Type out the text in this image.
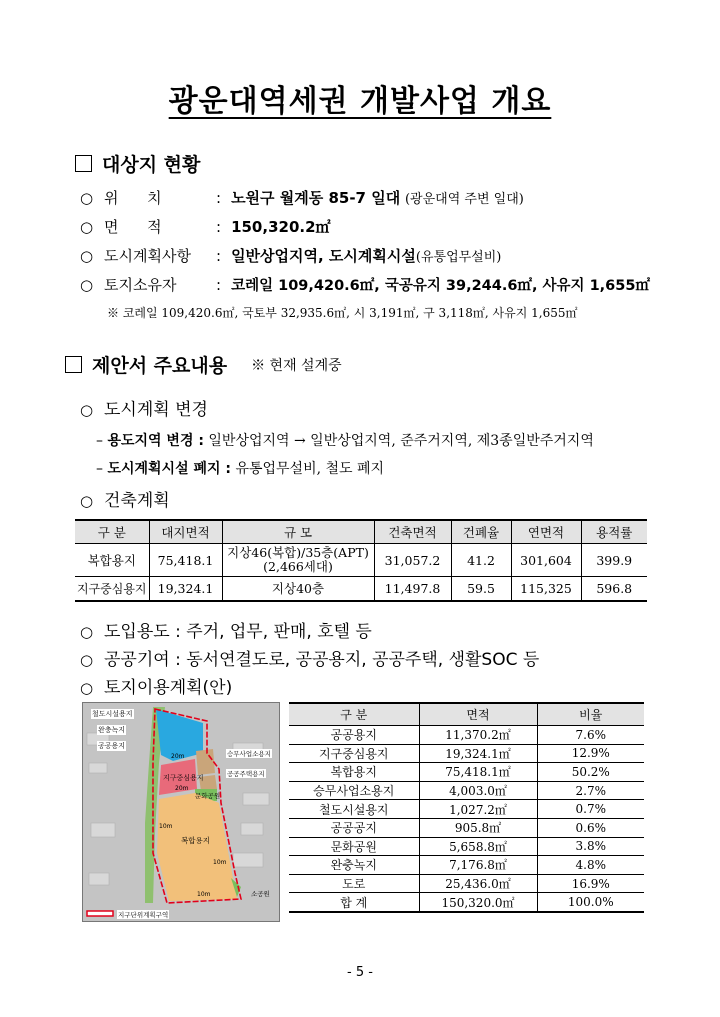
광운대역세권 개발사업 개요
대상지 현황
○ 위      치	: 노원구 월계동 85-7 일대
(광운대역 주변 일대)
○ 면      적	: 150,320.2㎡
○ 도시계획사항	: 일반상업지역, 도시계획시설 (유통업무설비)
○ 토지소유자	: 코레일 109,420.6㎡, 국공유지 39,244.6㎡, 사유지 1,655㎡
※ 코레일 109,420.6㎡, 국토부 32,935.6㎡, 시 3,191㎡, 구 3,118㎡, 사유지 1,655㎡
제안서 주요내용 ※ 현재 설계중
○ 도시계획 변경
– 용도지역 변경 : 일반상업지역 → 일반상업지역, 준주거지역, 제3종일반주거지역
– 도시계획시설 폐지 : 유통업무설비, 철도 폐지
○ 건축계획
구 분	대지면적	규 모	건축면적	건폐율	연면적	용적률
복합용지	75,418.1	지상46(복합)/35층(APT)
(2,466세대)	31,057.2	41.2	301,604	399.9
지구중심용지	19,324.1	지상40층	11,497.8	59.5	115,325	596.8
○ 도입용도 :
주거, 업무, 판매, 호텔 등
○ 공공기여 :
동서연결도로, 공공용지, 공공주택, 생활SOC 등
○ 토지이용계획(안)
철도시설용지
완충녹지
공공용지
승무사업소용지
공공주택용지
지구중심용지
문화공원
복합용지
소공원
20m
20m
10m
10m
10m
지구단위계획구역
구 분	면적	비율
공공용지	11,370.2㎡	7.6%
지구중심용지	19,324.1㎡	12.9%
복합용지	75,418.1㎡	50.2%
승무사업소용지	4,003.0㎡	2.7%
철도시설용지	1,027.2㎡	0.7%
공공공지	905.8㎡	0.6%
문화공원	5,658.8㎡	3.8%
완충녹지	7,176.8㎡	4.8%
도로	25,436.0㎡	16.9%
합 계	150,320.0㎡	100.0%
- 5 -
